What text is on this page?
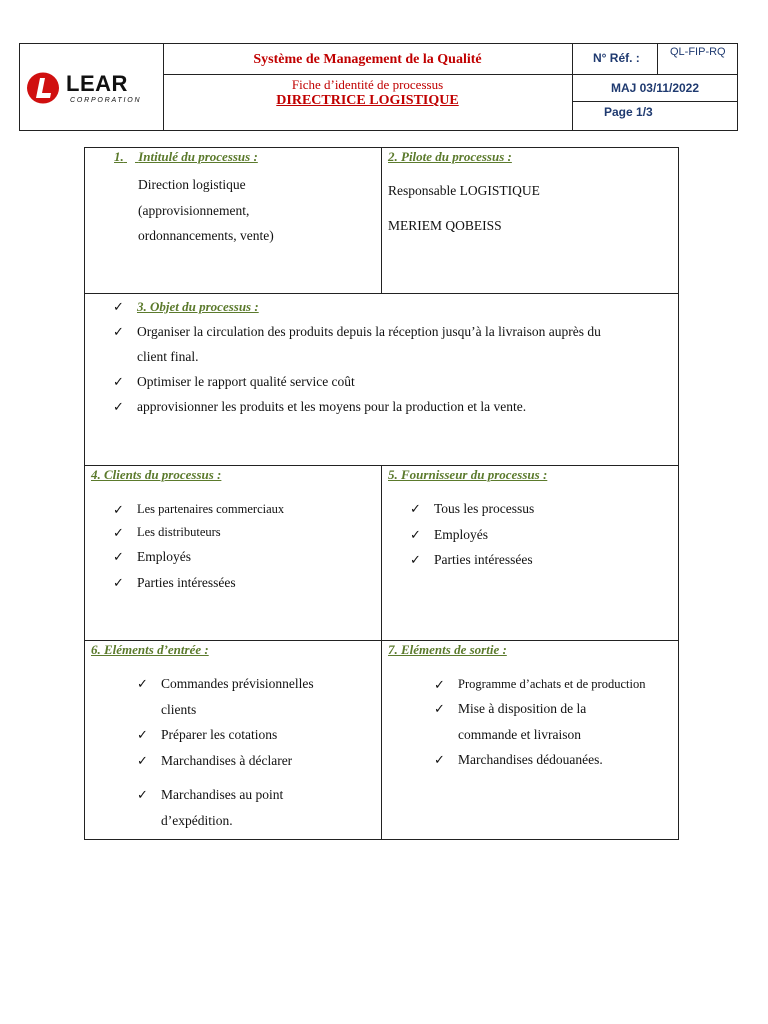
LEAR
CORPORATION
Système de Management de la Qualité
Fiche d’identité de processus
DIRECTRICE LOGISTIQUE
N° Réf. :	QL-FIP-RQ
MAJ 03/11/2022
Page 1/3
1. Intitulé du processus :
Direction logistique
(approvisionnement,
ordonnancements, vente)
2. Pilote du processus :
Responsable LOGISTIQUE
MERIEM QOBEISS
✓ 3. Objet du processus :
✓ Organiser la circulation des produits depuis la réception jusqu’à la livraison auprès du
client final.
✓ Optimiser le rapport qualité service coût
✓ approvisionner les produits et les moyens pour la production et la vente.
4. Clients du processus :
✓ Les partenaires commerciaux
✓ Les distributeurs
✓ Employés
✓ Parties intéressées
5. Fournisseur du processus :
✓ Tous les processus
✓ Employés
✓ Parties intéressées
6. Eléments d’entrée :
✓ Commandes prévisionnelles
clients
✓ Préparer les cotations
✓ Marchandises à déclarer
✓ Marchandises au point
d’expédition.
7. Eléments de sortie :
✓ Programme d’achats et de production
✓ Mise à disposition de la
commande et livraison
✓ Marchandises dédouanées.
